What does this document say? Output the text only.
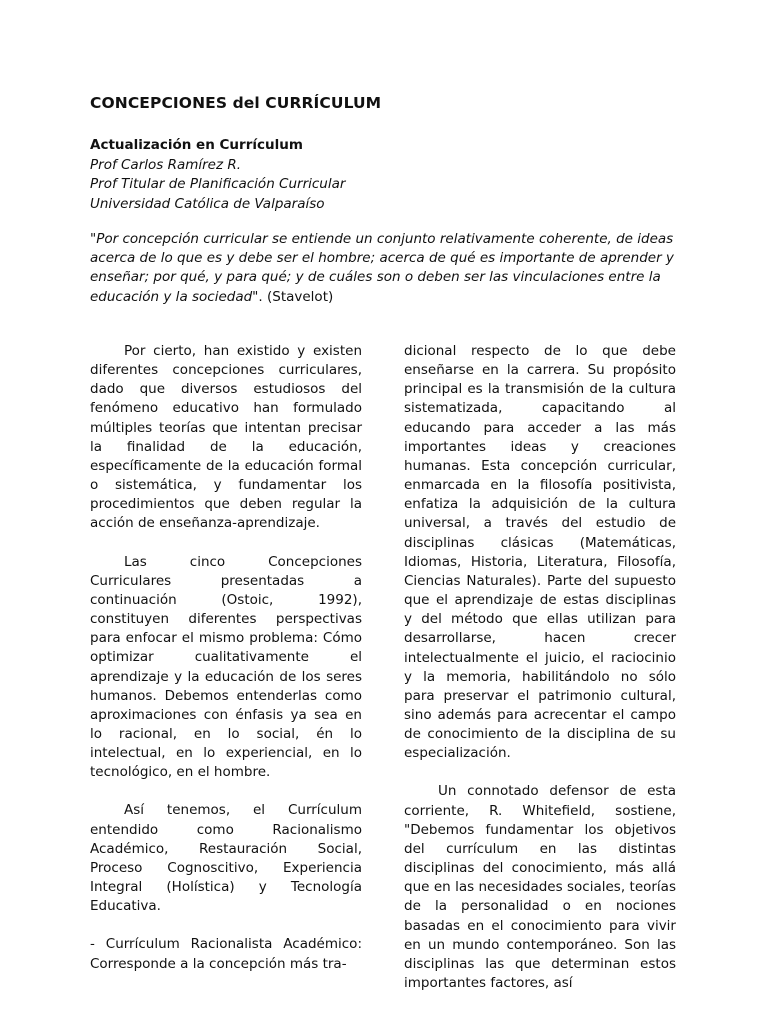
CONCEPCIONES del CURRÍCULUM
Actualización en Currículum
Prof Carlos Ramírez R.
Prof Titular de Planificación Curricular
Universidad Católica de Valparaíso

"Por concepción curricular se entiende un conjunto relativamente coherente, de ideas acerca de lo que es y debe ser el hombre; acerca de qué es importante de aprender y enseñar; por qué, y para qué; y de cuáles son o deben ser las vinculaciones entre la educación y la sociedad". (Stavelot)

Por cierto, han existido y existen diferentes concepciones curriculares, dado que diversos estudiosos del fenómeno educativo han formulado múltiples teorías que intentan precisar la finalidad de la educación, específicamente de la educación formal o sistemática, y fundamentar los procedimientos que deben regular la acción de enseñanza-aprendizaje.

Las cinco Concepciones Curriculares presentadas a continuación (Ostoic, 1992), constituyen diferentes perspectivas para enfocar el mismo problema: Cómo optimizar cualitativamente el aprendizaje y la educación de los seres humanos. Debemos entenderlas como aproximaciones con énfasis ya sea en lo racional, en lo social, én lo intelectual, en lo experiencial, en lo tecnológico, en el hombre.

Así tenemos, el Currículum entendido como Racionalismo Académico, Restauración Social, Proceso Cognoscitivo, Experiencia Integral (Holística) y Tecnología Educativa.

- Currículum Racionalista Académico: Corresponde a la concepción más tra-

dicional respecto de lo que debe enseñarse en la carrera. Su propósito principal es la transmisión de la cultura sistematizada, capacitando al educando para acceder a las más importantes ideas y creaciones humanas. Esta concepción curricular, enmarcada en la filosofía positivista, enfatiza la adquisición de la cultura universal, a través del estudio de disciplinas clásicas (Matemáticas, Idiomas, Historia, Literatura, Filosofía, Ciencias Naturales). Parte del supuesto que el aprendizaje de estas disciplinas y del método que ellas utilizan para desarrollarse, hacen crecer intelectualmente el juicio, el raciocinio y la memoria, habilitándolo no sólo para preservar el patrimonio cultural, sino además para acrecentar el campo de conocimiento de la disciplina de su especialización.

Un connotado defensor de esta corriente, R. Whitefield, sostiene, "Debemos fundamentar los objetivos del currículum en las distintas disciplinas del conocimiento, más allá que en las necesidades sociales, teorías de la personalidad o en nociones basadas en el conocimiento para vivir en un mundo contemporáneo. Son las disciplinas las que determinan estos importantes factores, así
